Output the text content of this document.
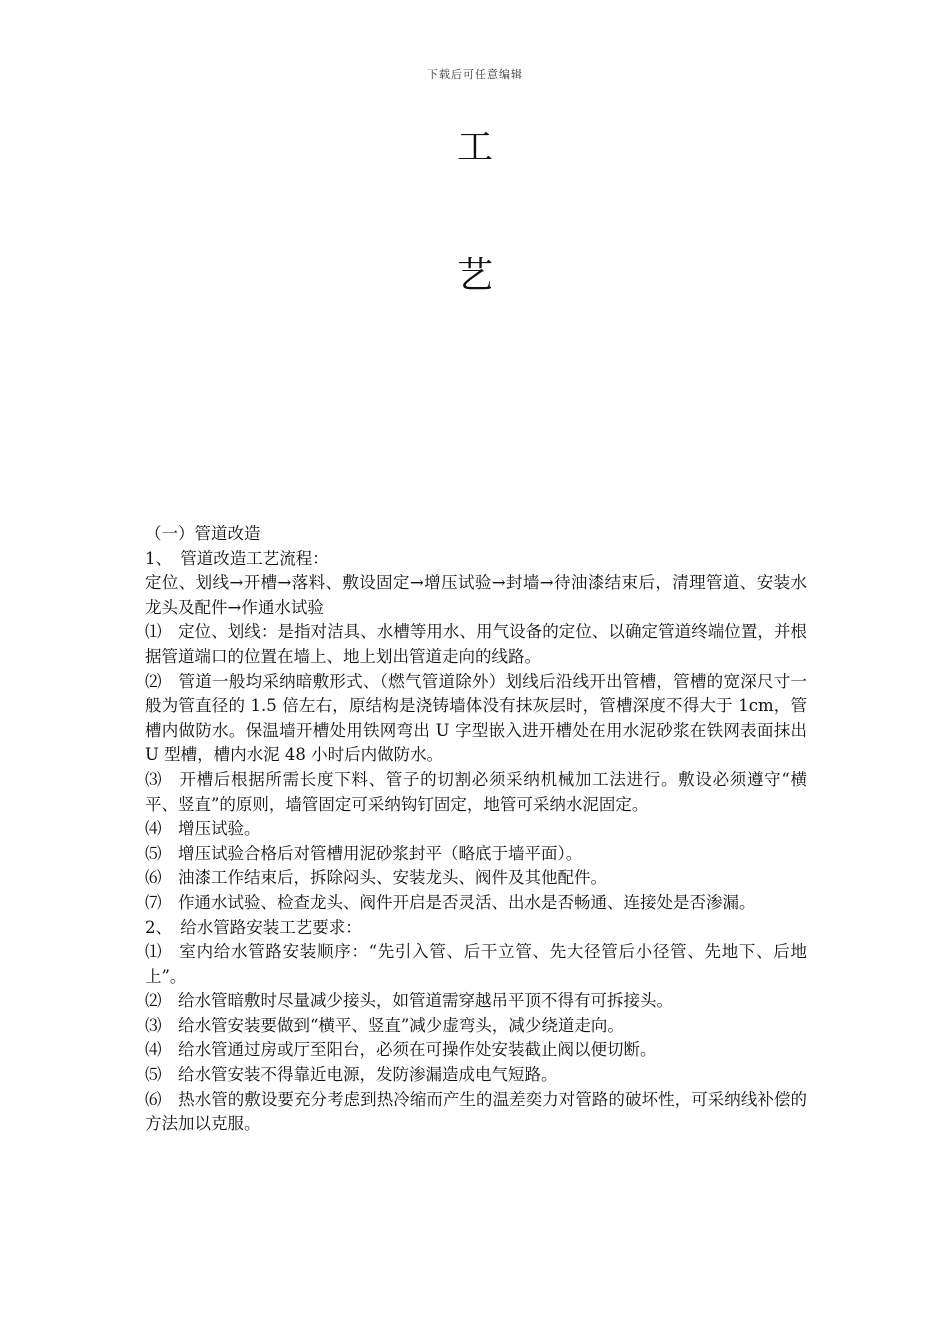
下载后可任意编辑
工
艺

（一）管道改造

1、　管道改造工艺流程：

定位、划线→开槽→落料、敷设固定→增压试验→封墙→待油漆结束后，清理管道、安装水龙头及配件→作通水试验

⑴　定位、划线：是指对洁具、水槽等用水、用气设备的定位、以确定管道终端位置，并根据管道端口的位置在墙上、地上划出管道走向的线路。

⑵　管道一般均采纳暗敷形式、（燃气管道除外）划线后沿线开出管槽，管槽的宽深尺寸一般为管直径的 1.5 倍左右，原结构是浇铸墙体没有抹灰层时，管槽深度不得大于 1cm，管槽内做防水。保温墙开槽处用铁网弯出 U 字型嵌入进开槽处在用水泥砂浆在铁网表面抹出 U 型槽，槽内水泥 48 小时后内做防水。

⑶　开槽后根据所需长度下料、管子的切割必须采纳机械加工法进行。敷设必须遵守“横平、竖直”的原则，墙管固定可采纳钩钉固定，地管可采纳水泥固定。

⑷　增压试验。

⑸　增压试验合格后对管槽用泥砂浆封平（略底于墙平面）。

⑹　油漆工作结束后，拆除闷头、安装龙头、阀件及其他配件。

⑺　作通水试验、检查龙头、阀件开启是否灵活、出水是否畅通、连接处是否渗漏。

2、　给水管路安装工艺要求：

⑴　室内给水管路安装顺序：“先引入管、后干立管、先大径管后小径管、先地下、后地上”。

⑵　给水管暗敷时尽量减少接头，如管道需穿越吊平顶不得有可拆接头。

⑶　给水管安装要做到“横平、竖直”减少虚弯头，减少绕道走向。

⑷　给水管通过房或厅至阳台，必须在可操作处安装截止阀以便切断。

⑸　给水管安装不得靠近电源，发防渗漏造成电气短路。

⑹　热水管的敷设要充分考虑到热冷缩而产生的温差奕力对管路的破坏性，可采纳线补偿的方法加以克服。
